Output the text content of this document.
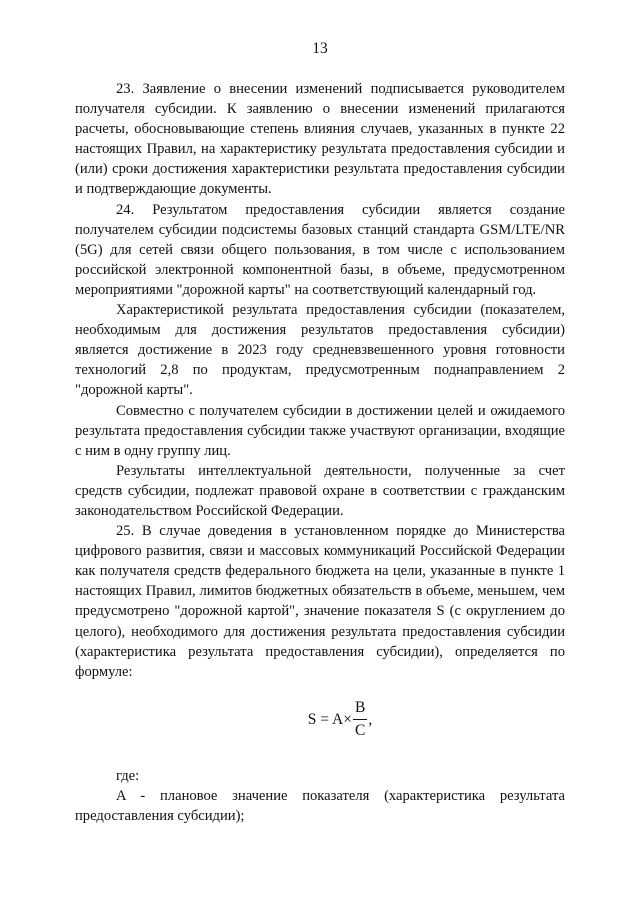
13

23. Заявление о внесении изменений подписывается руководителем получателя субсидии. К заявлению о внесении изменений прилагаются расчеты, обосновывающие степень влияния случаев, указанных в пункте 22 настоящих Правил, на характеристику результата предоставления субсидии и (или) сроки достижения характеристики результата предоставления субсидии и подтверждающие документы.

24. Результатом предоставления субсидии является создание получателем субсидии подсистемы базовых станций стандарта GSM/LTE/NR (5G) для сетей связи общего пользования, в том числе с использованием российской электронной компонентной базы, в объеме, предусмотренном мероприятиями "дорожной карты" на соответствующий календарный год.

Характеристикой результата предоставления субсидии (показателем, необходимым для достижения результатов предоставления субсидии) является достижение в 2023 году средневзвешенного уровня готовности технологий 2,8 по продуктам, предусмотренным поднаправлением 2 "дорожной карты".

Совместно с получателем субсидии в достижении целей и ожидаемого результата предоставления субсидии также участвуют организации, входящие с ним в одну группу лиц.

Результаты интеллектуальной деятельности, полученные за счет средств субсидии, подлежат правовой охране в соответствии с гражданским законодательством Российской Федерации.

25. В случае доведения в установленном порядке до Министерства цифрового развития, связи и массовых коммуникаций Российской Федерации как получателя средств федерального бюджета на цели, указанные в пункте 1 настоящих Правил, лимитов бюджетных обязательств в объеме, меньшем, чем предусмотрено "дорожной картой", значение показателя S (с округлением до целого), необходимого для достижения результата предоставления субсидии (характеристика результата предоставления субсидии), определяется по формуле:

$S = A \times \frac{B}{C}$ ,

где:

A - плановое значение показателя (характеристика результата предоставления субсидии);
